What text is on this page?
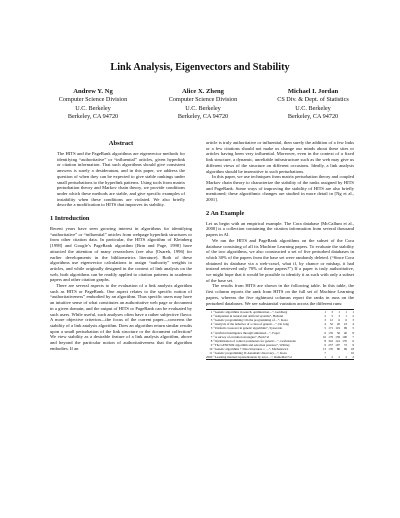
Link Analysis, Eigenvectors and Stability
Andrew Y. Ng
Computer Science Division
U.C. Berkeley
Berkeley, CA 94720
Alice X. Zheng
Computer Science Division
U.C. Berkeley
Berkeley, CA 94720
Michael I. Jordan
CS Div. & Dept. of Statistics
U.C. Berkeley
Berkeley, CA 94720
Abstract

The HITS and the PageRank algorithms are eigenvector methods for identifying “authoritative” or “influential” articles, given hyperlink or citation information. That such algorithms should give consistent answers is surely a desideratum, and in this paper, we address the question of when they can be expected to give stable rankings under small perturbations to the hyperlink patterns. Using tools from matrix perturbation theory and Markov chain theory, we provide conditions under which these methods are stable, and give specific examples of instability when these conditions are violated. We also briefly describe a modification to HITS that improves its stability.

1 Introduction

Recent years have seen growing interest in algorithms for identifying “authoritative” or “influential” articles from webpage hyperlink structures or from other citation data. In particular, the HITS algorithm of Kleinberg [1998] and Google’s PageRank algorithm [Brin and Page, 1998] have attracted the attention of many researchers (see also [Osareh, 1996] for earlier developments in the bibliometrics literature). Both of these algorithms use eigenvector calculations to assign “authority” weights to articles, and while originally designed in the context of link analysis on the web, both algorithms can be readily applied to citation patterns in academic papers and other citation graphs.

There are several aspects to the evaluation of a link analysis algorithm such as HITS or PageRank. One aspect relates to the specific notion of “authoritativeness” embodied by an algorithm. Thus specific users may have an intuitive sense of what constitutes an authoritative web page or document in a given domain, and the output of HITS or PageRank can be evaluated by such users. While useful, such analyses often have a rather subjective flavor. A more objective criterion—the focus of the current paper—concerns the stability of a link analysis algorithm. Does an algorithm return similar results upon a small perturbation of the link structure or the document collection? We view stability as a desirable feature of a link analysis algorithm, above and beyond the particular notion of authoritativeness that the algorithm embodies. If an

article is truly authoritative or influential, then surely the addition of a few links or a few citations should not make us change our minds about these sites or articles having been very influential. Moreover, even in the context of a fixed link structure, a dynamic, unreliable infrastructure such as the web may give us different views of the structure on different occasions. Ideally, a link analysis algorithm should be insensitive to such perturbations.

In this paper, we use techniques from matrix perturbation theory and coupled Markov chain theory to characterize the stability of the ranks assigned by HITS and PageRank. Some ways of improving the stability of HITS are also briefly mentioned; these algorithmic changes are studied in more detail in [Ng et al., 2001].

2 An Example

Let us begin with an empirical example. The Cora database [McCallum et al., 2000] is a collection containing the citation information from several thousand papers in AI.

We ran the HITS and PageRank algorithms on the subset of the Cora database consisting of all its Machine Learning papers. To evaluate the stability of the two algorithms, we also constructed a set of five perturbed databases in which 30% of the papers from the base set were randomly deleted. (“Since Cora obtained its database via a web-crawl, what if, by chance or mishap, it had instead retrieved only 70% of these papers?”) If a paper is truly authoritative, we might hope that it would be possible to identify it as such with only a subset of the base set.

The results from HITS are shown in the following table. In this table, the first column reports the rank from HITS on the full set of Machine Learning papers, whereas the five rightmost columns report the ranks in runs on the perturbed databases. We see substantial variation across the different runs:

1	“Genetic algorithms in search, optimization…”, Goldberg	1	3	1	1	1
2	“Adaptation in natural and artificial systems”, Holland	2	5	3	1	2
3	“Genetic programming: On the programming of…”, Koza	3	12	6	6	3
4	“Analysis of the behavior of a class of genetic…”, De Jong	4	52	20	23	4
5	“Uniform crossover in genetic algorithms”, Syswerda	5	171	119	99	5
6	“Artificial intelligence through simulated…”, Fogel	6	135	56	40	8
7	“A survey of evolution strategies”, Back+al	10	179	159	100	7
8	“Optimization of control parameters for genetic…”, Grefenstette	8	316	141	170	6
9	“The GENITOR algorithm and selection pressure”, Whitley	9	257	107	72	9
10	“Genetic algorithms + Data Structures = …”, Michalewicz	13	170	80	69	18
11	“Genetic programming II: Automatic discovery…”, Koza	7				10
2060	“Learning internal representations by error…”, Rumelhart+al	1	2	2	2	2
